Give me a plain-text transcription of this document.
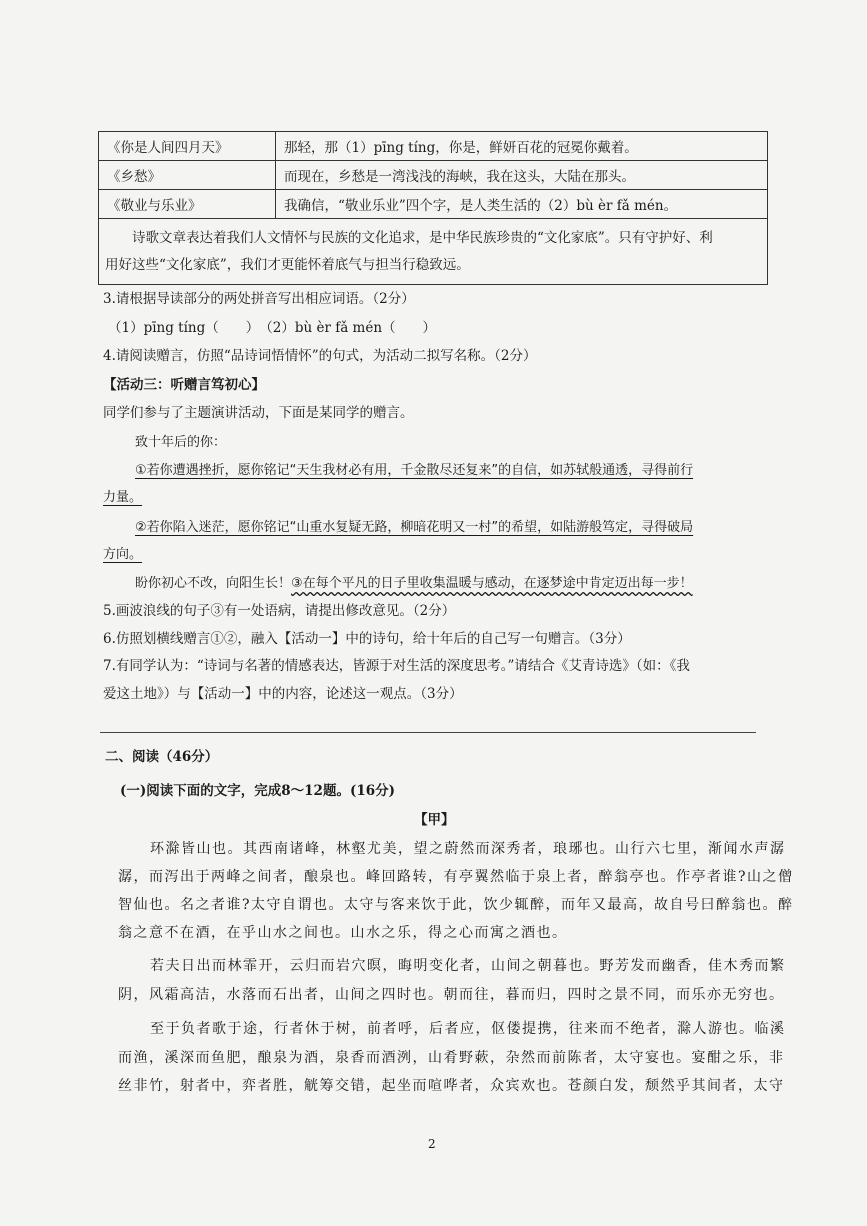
《你是人间四月天》	那轻，那（1）pīng tíng，你是，鲜妍百花的冠冕你戴着。
《乡愁》	而现在，乡愁是一湾浅浅的海峡，我在这头，大陆在那头。
《敬业与乐业》	我确信，“敬业乐业”四个字，是人类生活的（2）bù èr fǎ mén。
诗歌文章表达着我们人文情怀与民族的文化追求，是中华民族珍贵的“文化家底”。只有守护好、利
用好这些“文化家底”，我们才更能怀着底气与担当行稳致远。	
3.请根据导读部分的两处拼音写出相应词语。（2分）
（1）pīng tíng（　　）　（2）bù èr fǎ mén（　　）
4.请阅读赠言，仿照“品诗词悟情怀”的句式，为活动二拟写名称。（2分）
【活动三：听赠言笃初心】
同学们参与了主题演讲活动，下面是某同学的赠言。
致十年后的你：
①若你遭遇挫折，愿你铭记“天生我材必有用，千金散尽还复来”的自信，如苏轼般通透，寻得前行
力量。
②若你陷入迷茫，愿你铭记“山重水复疑无路，柳暗花明又一村”的希望，如陆游般笃定，寻得破局
方向。
盼你初心不改，向阳生长！③在每个平凡的日子里收集温暖与感动，在逐梦途中肯定迈出每一步！
5.画波浪线的句子③有一处语病，请提出修改意见。（2分）
6.仿照划横线赠言①②，融入【活动一】中的诗句，给十年后的自己写一句赠言。（3分）
7.有同学认为：“诗词与名著的情感表达，皆源于对生活的深度思考。”请结合《艾青诗选》（如：《我
爱这土地》）与【活动一】中的内容，论述这一观点。（3分）
二、阅读（46分）
(一)阅读下面的文字，完成8～12题。(16分)
【甲】
环滁皆山也。其西南诸峰，林壑尤美，望之蔚然而深秀者，琅琊也。山行六七里，渐闻水声潺
潺，而泻出于两峰之间者，酿泉也。峰回路转，有亭翼然临于泉上者，醉翁亭也。作亭者谁?山之僧
智仙也。名之者谁?太守自谓也。太守与客来饮于此，饮少辄醉，而年又最高，故自号曰醉翁也。醉
翁之意不在酒，在乎山水之间也。山水之乐，得之心而寓之酒也。
若夫日出而林霏开，云归而岩穴暝，晦明变化者，山间之朝暮也。野芳发而幽香，佳木秀而繁
阴，风霜高洁，水落而石出者，山间之四时也。朝而往，暮而归，四时之景不同，而乐亦无穷也。
至于负者歌于途，行者休于树，前者呼，后者应，伛偻提携，往来而不绝者，滁人游也。临溪
而渔，溪深而鱼肥，酿泉为酒，泉香而酒洌，山肴野蔌，杂然而前陈者，太守宴也。宴酣之乐，非
丝非竹，射者中，弈者胜，觥筹交错，起坐而喧哗者，众宾欢也。苍颜白发，颓然乎其间者，太守
2
